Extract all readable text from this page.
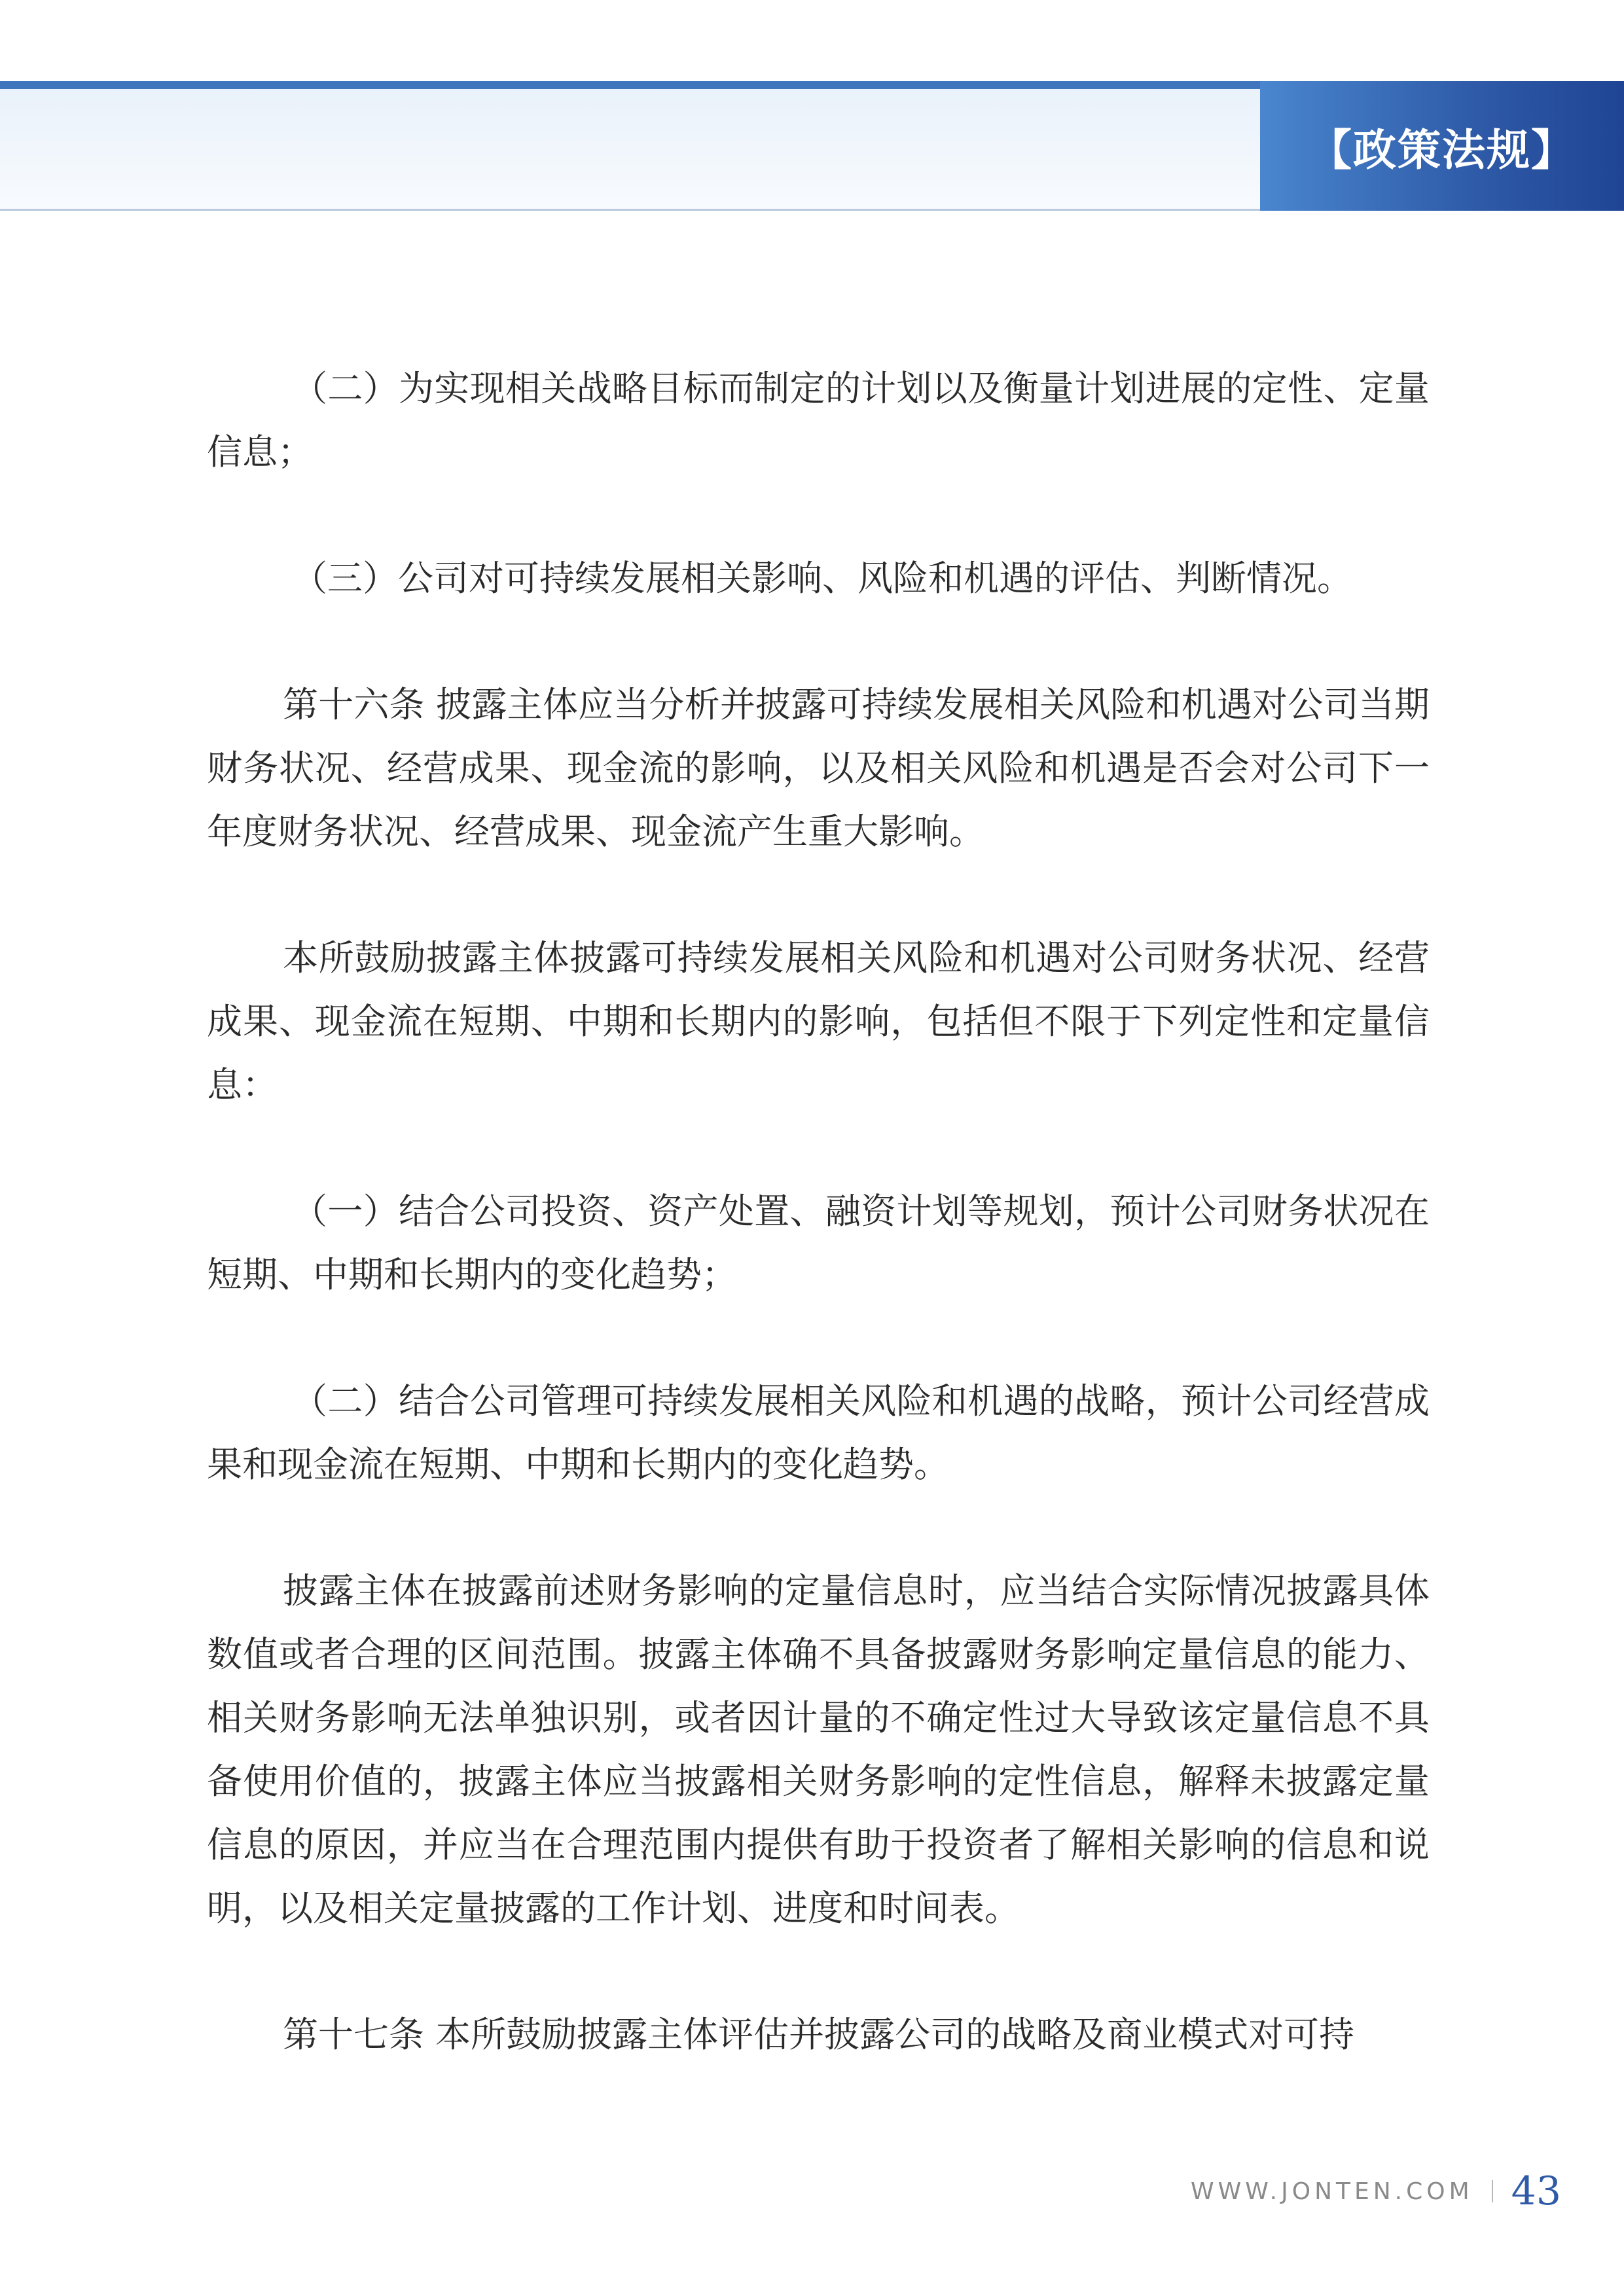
【政策法规】

（二）为实现相关战略目标而制定的计划以及衡量计划进展的定性、定量信息；

（三）公司对可持续发展相关影响、风险和机遇的评估、判断情况。

第十六条 披露主体应当分析并披露可持续发展相关风险和机遇对公司当期财务状况、经营成果、现金流的影响，以及相关风险和机遇是否会对公司下一年度财务状况、经营成果、现金流产生重大影响。

本所鼓励披露主体披露可持续发展相关风险和机遇对公司财务状况、经营成果、现金流在短期、中期和长期内的影响，包括但不限于下列定性和定量信息：

（一）结合公司投资、资产处置、融资计划等规划，预计公司财务状况在短期、中期和长期内的变化趋势；

（二）结合公司管理可持续发展相关风险和机遇的战略，预计公司经营成果和现金流在短期、中期和长期内的变化趋势。

披露主体在披露前述财务影响的定量信息时，应当结合实际情况披露具体数值或者合理的区间范围。披露主体确不具备披露财务影响定量信息的能力、相关财务影响无法单独识别，或者因计量的不确定性过大导致该定量信息不具备使用价值的，披露主体应当披露相关财务影响的定性信息，解释未披露定量信息的原因，并应当在合理范围内提供有助于投资者了解相关影响的信息和说明，以及相关定量披露的工作计划、进度和时间表。

第十七条 本所鼓励披露主体评估并披露公司的战略及商业模式对可持

WWW.JONTEN.COM 43
